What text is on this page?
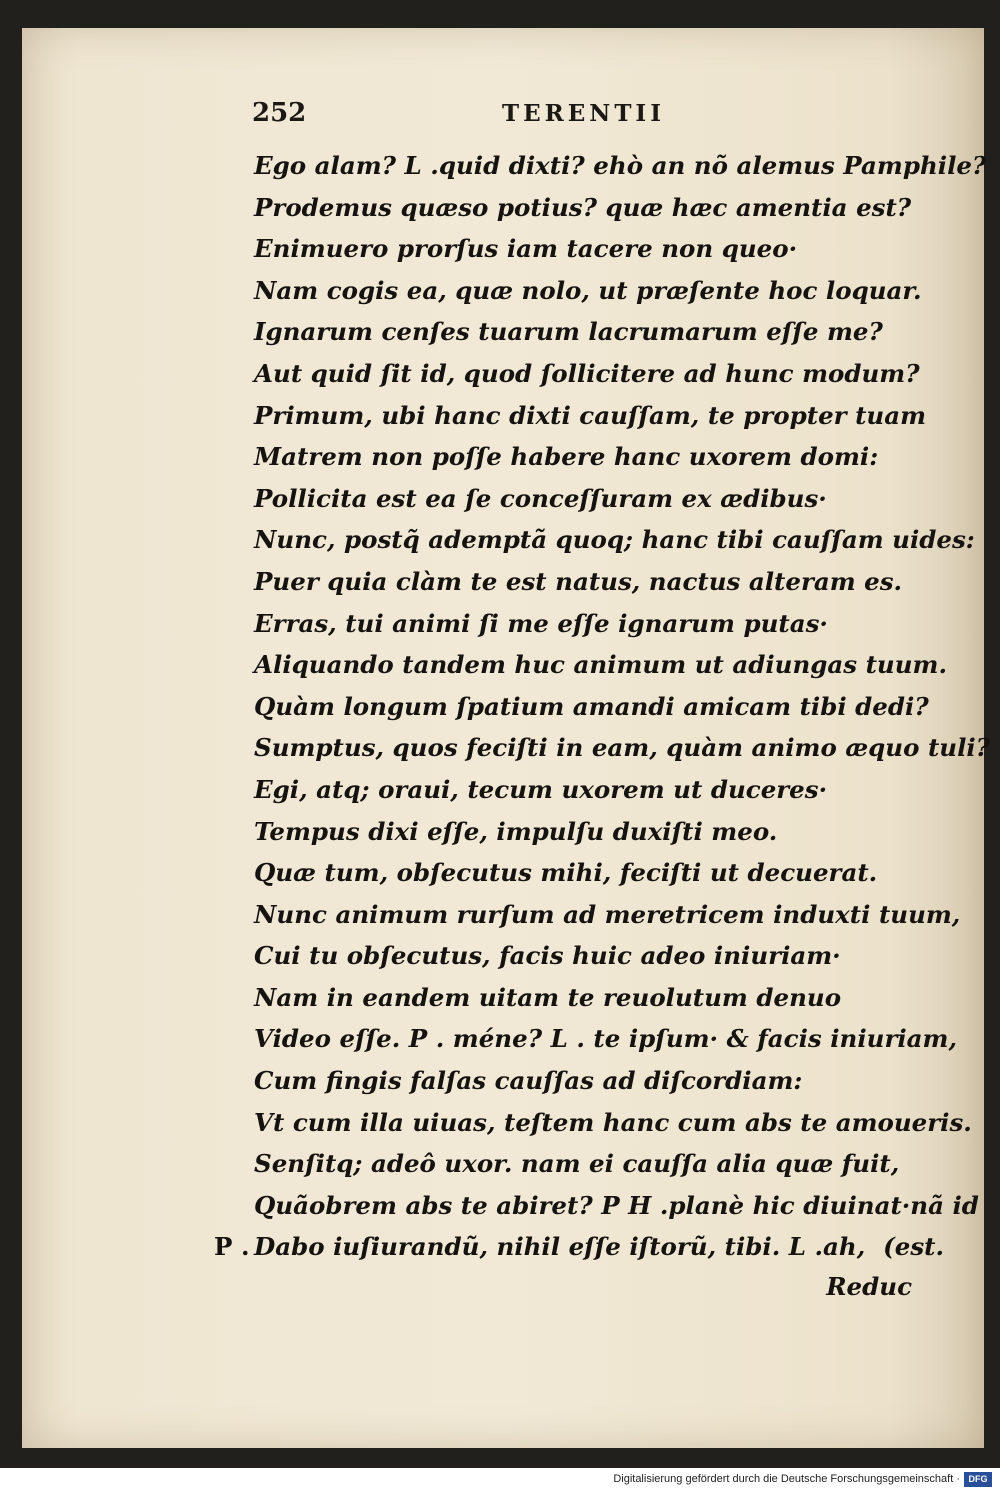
252	TERENTII
Ego alam? L .quid dixti? ehò an nõ alemus Pamphile?
Prodemus quæso potius? quæ hæc amentia est?
Enimuero prorſus iam tacere non queo·
Nam cogis ea, quæ nolo, ut præſente hoc loquar.
Ignarum cenſes tuarum lacrumarum eſſe me?
Aut quid ſit id, quod ſollicitere ad hunc modum?
Primum, ubi hanc dixti cauſſam, te propter tuam
Matrem non poſſe habere hanc uxorem domi:
Pollicita est ea ſe conceſſuram ex ædibus·
Nunc, postq̃ ademptã quoq; hanc tibi cauſſam uides:
Puer quia clàm te est natus, nactus alteram es.
Erras, tui animi ſi me eſſe ignarum putas·
Aliquando tandem huc animum ut adiungas tuum.
Quàm longum ſpatium amandi amicam tibi dedi?
Sumptus, quos feciſti in eam, quàm animo æquo tuli?
Egi, atq; oraui, tecum uxorem ut duceres·
Tempus dixi eſſe, impulſu duxiſti meo.
Quæ tum, obſecutus mihi, feciſti ut decuerat.
Nunc animum rurſum ad meretricem induxti tuum,
Cui tu obſecutus, facis huic adeo iniuriam·
Nam in eandem uitam te reuolutum denuo
Video eſſe. P . méne? L . te ipſum· & facis iniuriam,
Cum fingis falſas cauſſas ad diſcordiam:
Vt cum illa uiuas, teſtem hanc cum abs te amoueris.
Senſitq; adeô uxor. nam ei cauſſa alia quæ fuit,
Quãobrem abs te abiret? P H .planè hic diuinat·nã id
P . Dabo iuſiurandũ, nihil eſſe iſtorũ, tibi. L .ah, (est.
Reduc
Digitalisierung gefördert durch die Deutsche Forschungsgemeinschaft · DFG
